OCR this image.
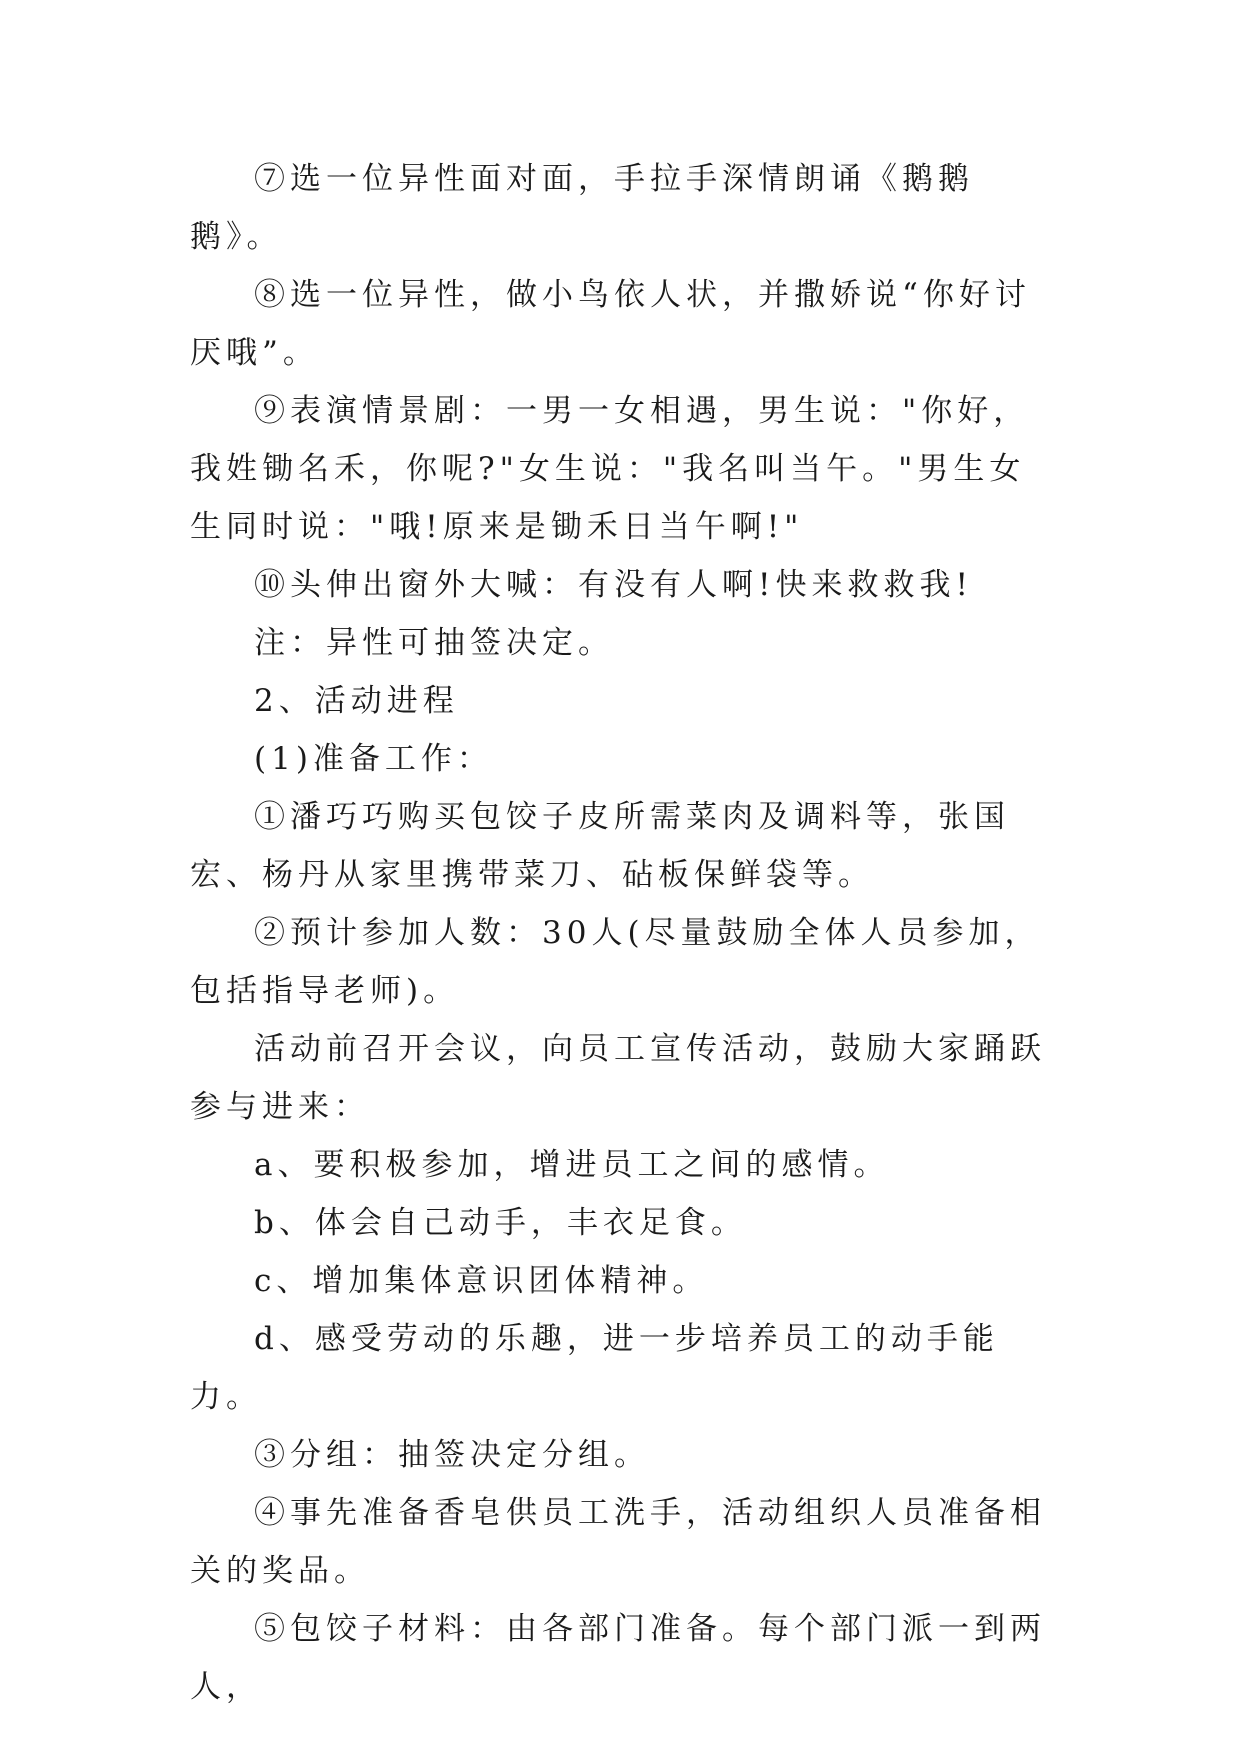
⑦选一位异性面对面，手拉手深情朗诵《鹅鹅鹅》。

⑧选一位异性，做小鸟依人状，并撒娇说“你好讨厌哦”。

⑨表演情景剧：一男一女相遇，男生说："你好，我姓锄名禾，你呢?"女生说："我名叫当午。"男生女生同时说："哦!原来是锄禾日当午啊!"

⑩头伸出窗外大喊：有没有人啊!快来救救我!

注：异性可抽签决定。

2、活动进程

(1)准备工作：

①潘巧巧购买包饺子皮所需菜肉及调料等，张国宏、杨丹从家里携带菜刀、砧板保鲜袋等。

②预计参加人数：30人(尽量鼓励全体人员参加，包括指导老师)。

活动前召开会议，向员工宣传活动，鼓励大家踊跃参与进来：

a、要积极参加，增进员工之间的感情。

b、体会自己动手，丰衣足食。

c、增加集体意识团体精神。

d、感受劳动的乐趣，进一步培养员工的动手能力。

③分组：抽签决定分组。

④事先准备香皂供员工洗手，活动组织人员准备相关的奖品。

⑤包饺子材料：由各部门准备。每个部门派一到两人，
